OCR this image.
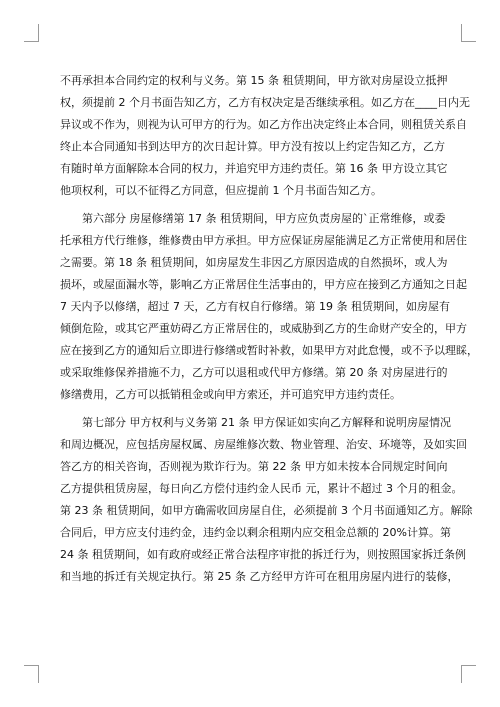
不再承担本合同约定的权利与义务。 第 15 条 租赁期间，甲方欲对房屋设立抵押
权，须提前 2 个月书面告知乙方，乙方有权决定是否继续承租。如乙方在____日内无
异议或不作为，则视为认可甲方的行为。如乙方作出决定终止本合同，则租赁关系自
终止本合同通知书到达甲方的次日起计算。 甲方没有按以上约定告知乙方，乙方
有随时单方面解除本合同的权力，并追究甲方违约责任。 第 16 条 甲方设立其它
他项权利，可以不征得乙方同意，但应提前 1 个月书面告知乙方。
第六部分 房屋修缮 第 17 条 租赁期间，甲方应负责房屋的`正常维修，或委
托承租方代行维修，维修费由甲方承担。甲方应保证房屋能满足乙方正常使用和居住
之需要。 第 18 条 租赁期间，如房屋发生非因乙方原因造成的自然损坏，或人为
损坏，或屋面漏水等，影响乙方正常居住生活事由的，甲方应在接到乙方通知之日起
7 天内予以修缮，超过 7 天，乙方有权自行修缮。 第 19 条 租赁期间，如房屋有
倾倒危险，或其它严重妨碍乙方正常居住的，或威胁到乙方的生命财产安全的，甲方
应在接到乙方的通知后立即进行修缮或暂时补救，如果甲方对此怠慢，或不予以理睬，
或采取维修保养措施不力，乙方可以退租或代甲方修缮。 第 20 条 对房屋进行的
修缮费用，乙方可以抵销租金或向甲方索还，并可追究甲方违约责任。
第七部分 甲方权利与义务 第 21 条 甲方保证如实向乙方解释和说明房屋情况
和周边概况，应包括房屋权属、房屋维修次数、物业管理、治安、环境等，及如实回
答乙方的相关咨询，否则视为欺诈行为。 第 22 条 甲方如未按本合同规定时间向
乙方提供租赁房屋，每日向乙方偿付违约金人民币 元，累计不超过 3 个月的租金。
第 23 条 租赁期间，如甲方确需收回房屋自住，必须提前 3 个月书面通知乙方。解除
合同后，甲方应支付违约金，违约金以剩余租期内应交租金总额的 20%计算。 第
24 条 租赁期间，如有政府或经正常合法程序审批的拆迁行为，则按照国家拆迁条例
和当地的拆迁有关规定执行。 第 25 条 乙方经甲方许可在租用房屋内进行的装修，
